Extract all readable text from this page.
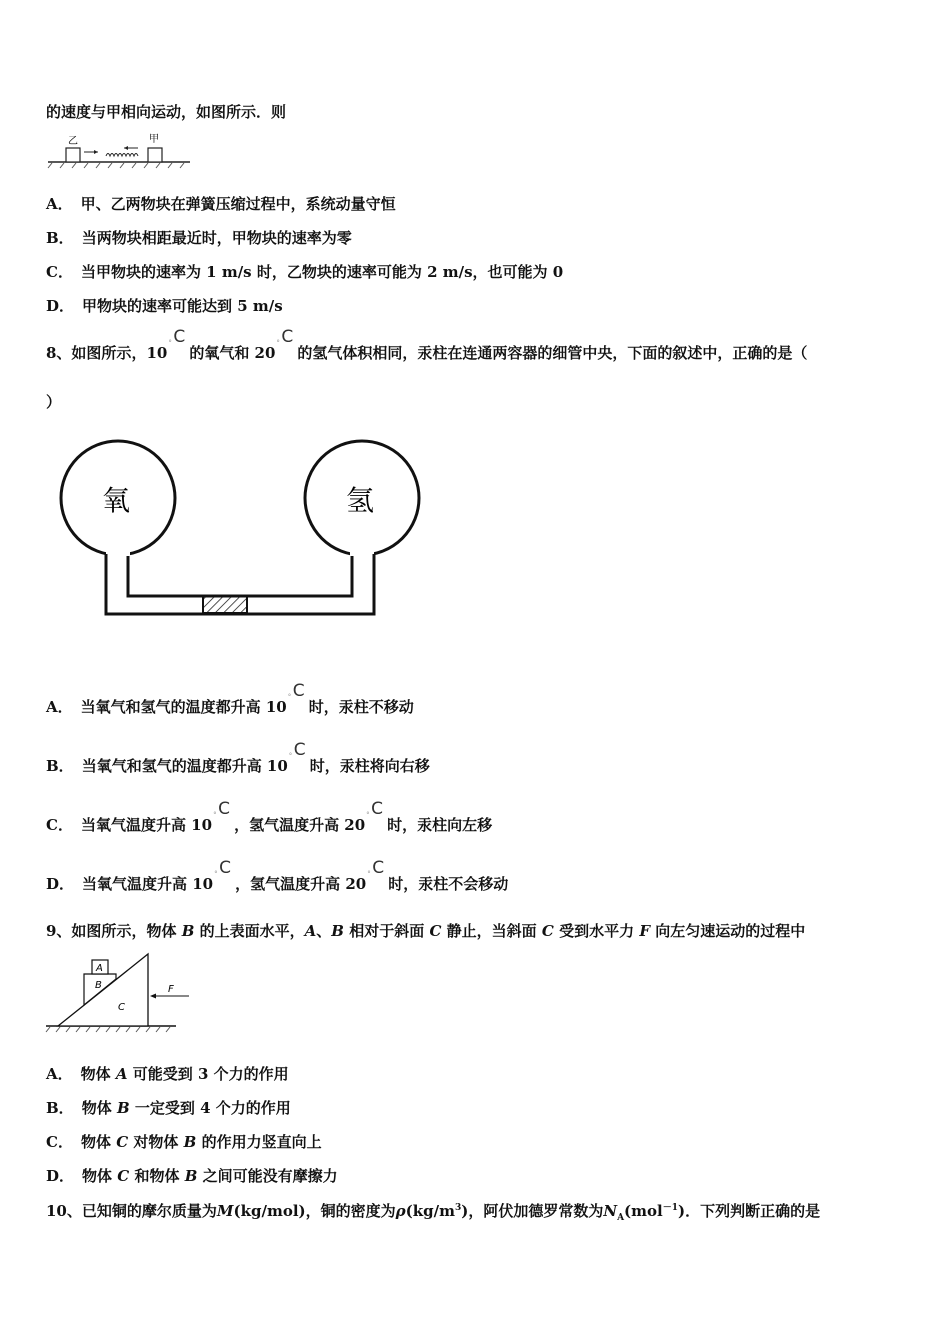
的速度与甲相向运动，如图所示．则
乙	甲
A． 甲、乙两物块在弹簧压缩过程中，系统动量守恒
B． 当两物块相距最近时，甲物块的速率为零
C． 当甲物块的速率为 1 m/s 时，乙物块的速率可能为 2 m/s，也可能为 0
D． 甲物块的速率可能达到 5 m/s
8、如图所示，10
° C
的氧气和 20
° C
的氢气体积相同，汞柱在连通两容器的细管中央，下面的叙述中，正确的是（
）
氧	氢
A． 当氧气和氢气的温度都升高 10
° C
时，汞柱不移动
B． 当氧气和氢气的温度都升高 10
° C
时，汞柱将向右移
C． 当氧气温度升高 10
° C
，氢气温度升高 20
° C
时，汞柱向左移
D． 当氧气温度升高 10
° C
，氢气温度升高 20
° C
时，汞柱不会移动
9、如图所示，物体 B 的上表面水平，A、B 相对于斜面 C 静止，当斜面 C 受到水平力 F 向左匀速运动的过程中
A
B
C
F
A． 物体 A 可能受到 3 个力的作用
B． 物体 B 一定受到 4 个力的作用
C． 物体 C 对物体 B 的作用力竖直向上
D． 物体 C 和物体 B 之间可能没有摩擦力
10、已知铜的摩尔质量为M(kg/mol)，铜的密度为$\rho(kg/m^3)$，阿伏加德罗常数为$N_A(mol^{-1})$．下列判断正确的是
